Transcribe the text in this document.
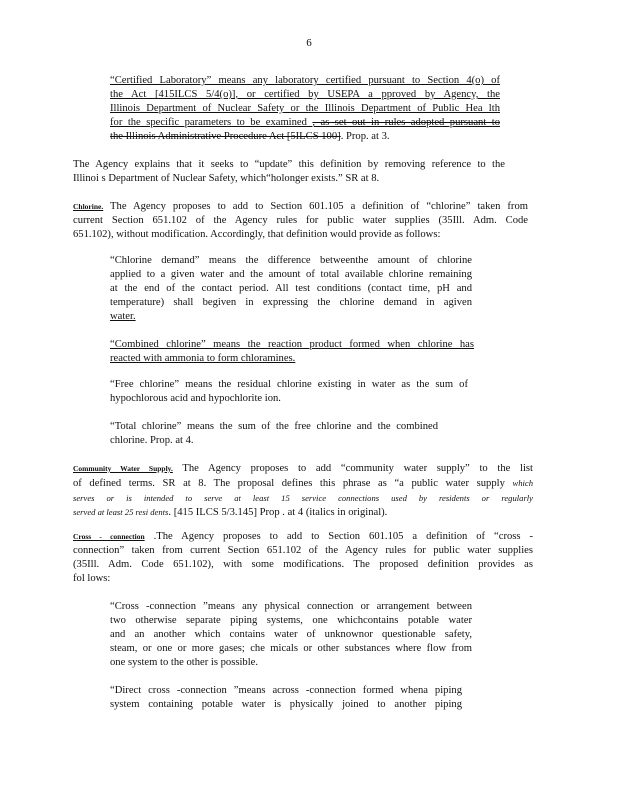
6
“Certified Laboratory” means any laboratory certified pursuant to Section 4(o) of
the Act [415ILCS 5/4(o)], or certified by USEPA a pproved by Agency, the
Illinois Department of Nuclear Safety or the Illinois Department of Public Hea lth
for the specific parameters to be examined , as set out in rules adopted pursuant to
the Illinois Administrative Procedure Act [5ILCS 100]. Prop. at 3.
The Agency explains that it seeks to “update” this definition by removing reference to the
Illinoi s Department of Nuclear Safety, which“holonger exists.” SR at 8.
Chlorine. The Agency proposes to add to Section 601.105 a definition of “chlorine” taken from
current Section 651.102 of the Agency rules for public water supplies (35Ill. Adm. Code
651.102), without modification. Accordingly, that definition would provide as follows:
“Chlorine demand” means the difference betweenthe amount of chlorine
applied to a given water and the amount of total available chlorine remaining
at the end of the contact period. All test conditions (contact time, pH and
temperature) shall begiven in expressing the chlorine demand in agiven
water.
“Combined chlorine” means the reaction product formed when chlorine has
reacted with ammonia to form chloramines.
“Free chlorine” means the residual chlorine existing in water as the sum of
hypochlorous acid and hypochlorite ion.
“Total chlorine” means the sum of the free chlorine and the combined
chlorine. Prop. at 4.
Community Water Supply. The Agency proposes to add “community water supply” to the list
of defined terms. SR at 8. The proposal defines this phrase as “a public water supply which
serves or is intended to serve at least 15 service connections used by residents or regularly
served at least 25 resi dents. [415 ILCS 5/3.145] Prop . at 4 (italics in original).
Cross - connection .The Agency proposes to add to Section 601.105 a definition of “cross -
connection” taken from current Section 651.102 of the Agency rules for public water supplies
(35Ill. Adm. Code 651.102), with some modifications. The proposed definition provides as
fol lows:
“Cross -connection ”means any physical connection or arrangement between
two otherwise separate piping systems, one whichcontains potable water
and an another which contains water of unknownor questionable safety,
steam, or one or more gases; che micals or other substances where flow from
one system to the other is possible.
“Direct cross -connection ”means across -connection formed whena piping
system containing potable water is physically joined to another piping
